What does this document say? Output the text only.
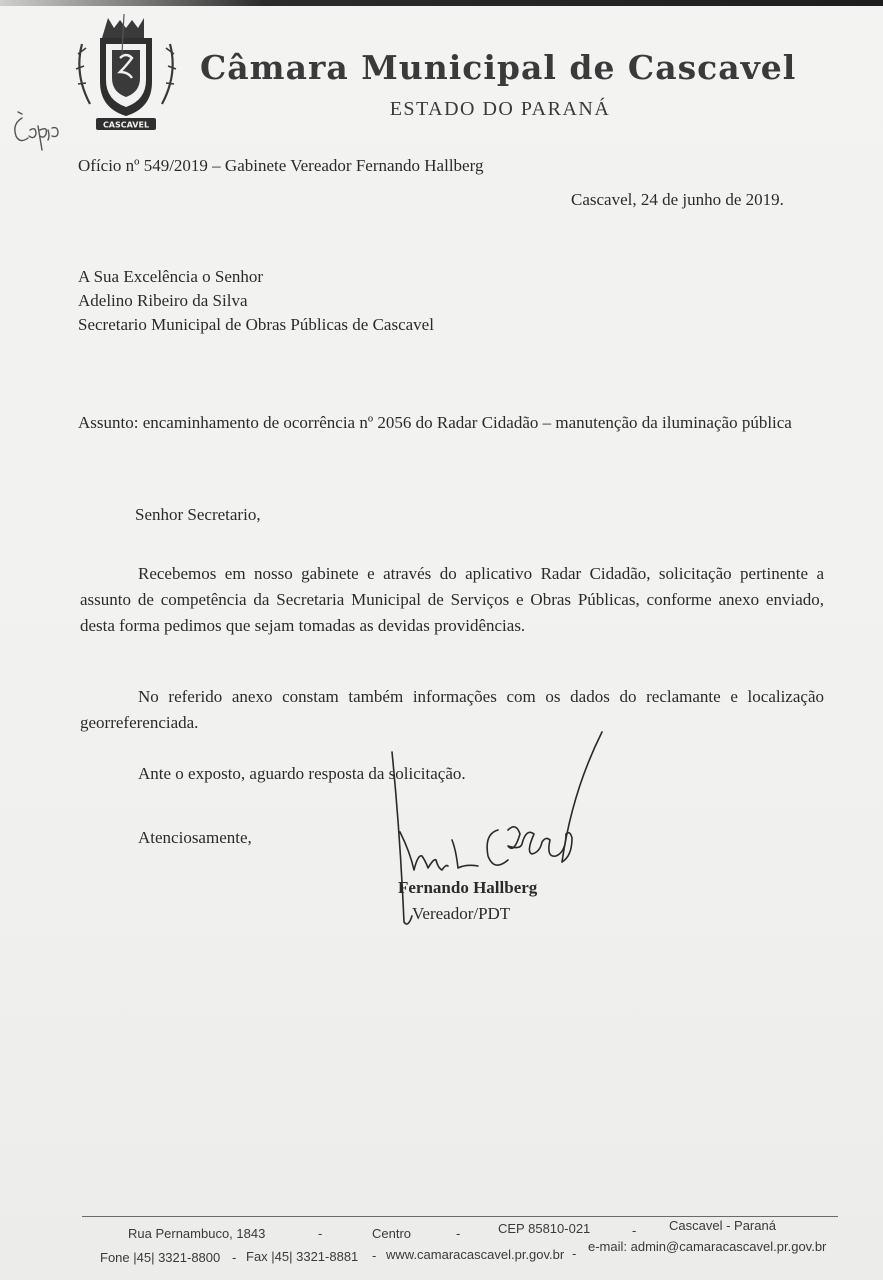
CASCAVEL
Câmara Municipal de Cascavel
ESTADO DO PARANÁ
Ofício nº 549/2019 – Gabinete Vereador Fernando Hallberg
Cascavel, 24 de junho de 2019.
A Sua Excelência o Senhor
Adelino Ribeiro da Silva
Secretario Municipal de Obras Públicas de Cascavel
Assunto: encaminhamento de ocorrência nº 2056 do Radar Cidadão – manutenção da iluminação pública
Senhor Secretario,
Recebemos em nosso gabinete e através do aplicativo Radar Cidadão, solicitação pertinente a assunto de competência da Secretaria Municipal de Serviços e Obras Públicas, conforme anexo enviado, desta forma pedimos que sejam tomadas as devidas providências.
No referido anexo constam também informações com os dados do reclamante e localização georreferenciada.
Ante o exposto, aguardo resposta da solicitação.
Atenciosamente,
Fernando Hallberg
Vereador/PDT
Rua Pernambuco, 1843	-	Centro	-	CEP 85810-021	-	Cascavel - Paraná
Fone |45| 3321-8800 - Fax |45| 3321-8881 - www.camaracascavel.pr.gov.br - e-mail: admin@camaracascavel.pr.gov.br
